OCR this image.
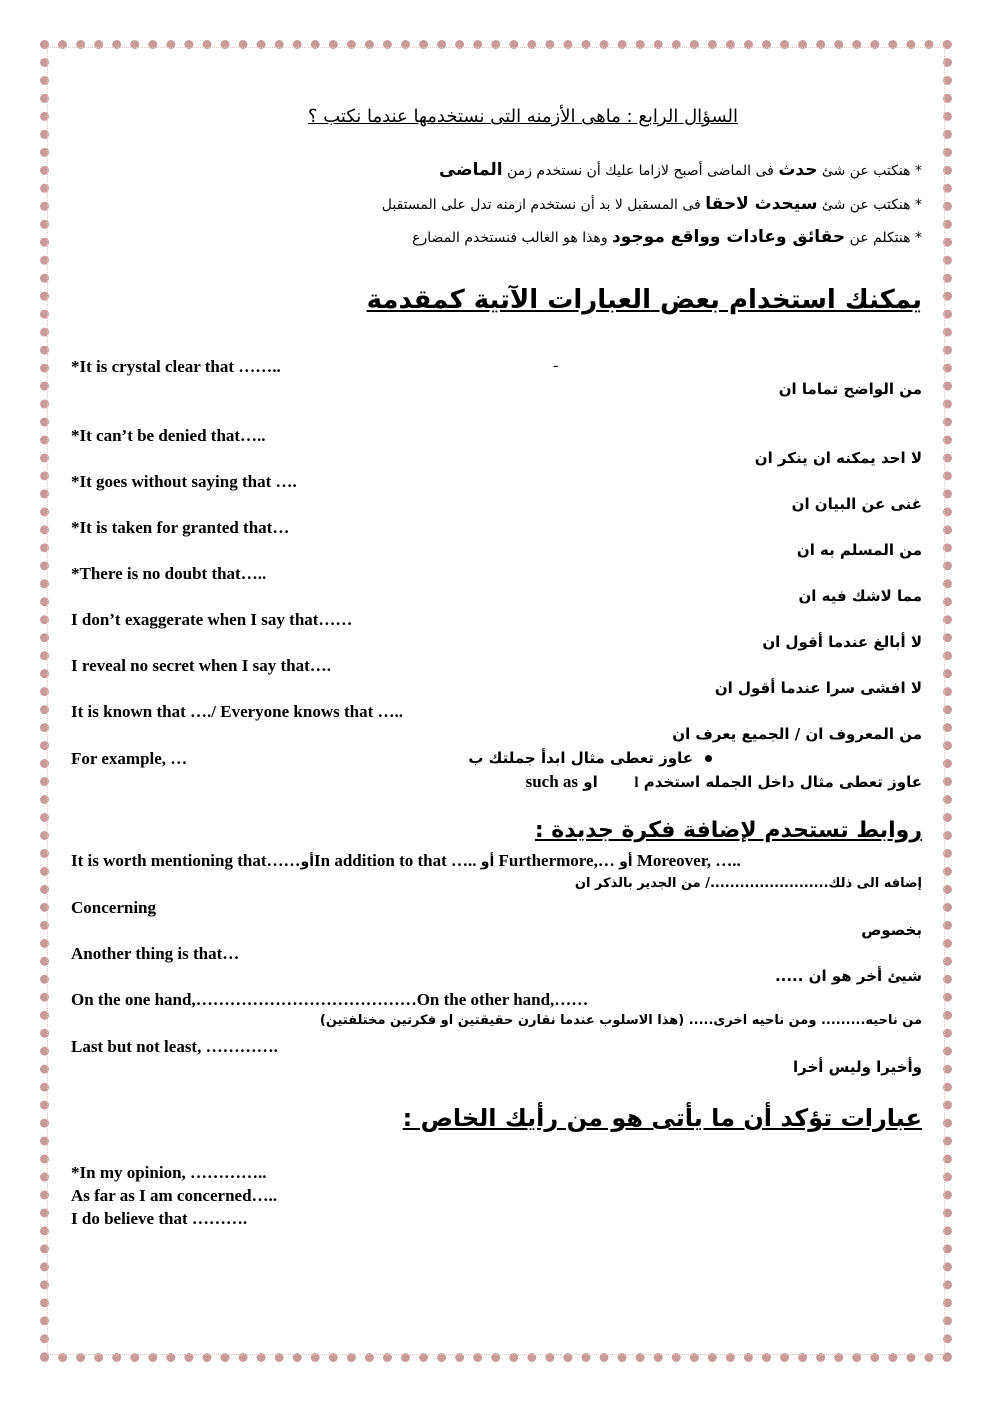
السؤال الرابع : ماهى الأزمنه التى نستخدمها عندما نكتب ؟
* هنكتب عن شئ حدث فى الماضى أصبح لازاما عليك أن نستخدم زمن الماضى
* هنكتب عن شئ سيحدث لاحقا فى المسقبل لا بد أن نستخدم ازمنه تدل على المستقبل
* هنتكلم عن حقائق وعادات وواقع موجود وهذا هو الغالب فنستخدم المضارع
يمكنك استخدام بعض العبارات الآتية كمقدمة
*It is crystal clear that ……..	-
من الواضح تماما ان
*It can’t be denied that…..
لا احد يمكنه ان ينكر ان
*It goes without saying that ….
غنى عن البيان ان
*It is taken for granted that…
من المسلم به ان
*There is no doubt that…..
مما لاشك فيه ان
I don’t exaggerate when I say that……
لا أبالغ عندما أقول ان
I reveal no secret when I say that….
لا افشى سرا عندما أقول ان
It is known that …./ Everyone knows that …..
من المعروف ان / الجميع يعرف ان
For example, …	عاوز تعطى مثال ابدأ جملتك ب
عاوز تعطى مثال داخل الجمله استخدم l       او such as
روابط تستحدم لإضافة فكرة جديدة :
It is worth mentioning that……أوIn addition to that ….. أو Furthermore,… أو Moreover, …..
إضافه الى ذلك......................../ من الجدير بالذكر ان
Concerning
بخصوص
Another thing is that…
شيئ أخر هو ان .....
On the one hand,…………………………………On the other hand,……
من ناحيه......... ومن ناحيه اخرى..... (هذا الاسلوب عندما نقارن حقيقتين او فكرتين مختلفتين)
Last but not least, ………….
وأخيرا وليس أخرا
عبارات تؤكد أن ما يأتى هو من رأيك الخاص :
*In my opinion, …………..
As far as I am concerned…..
I do believe that ……….
